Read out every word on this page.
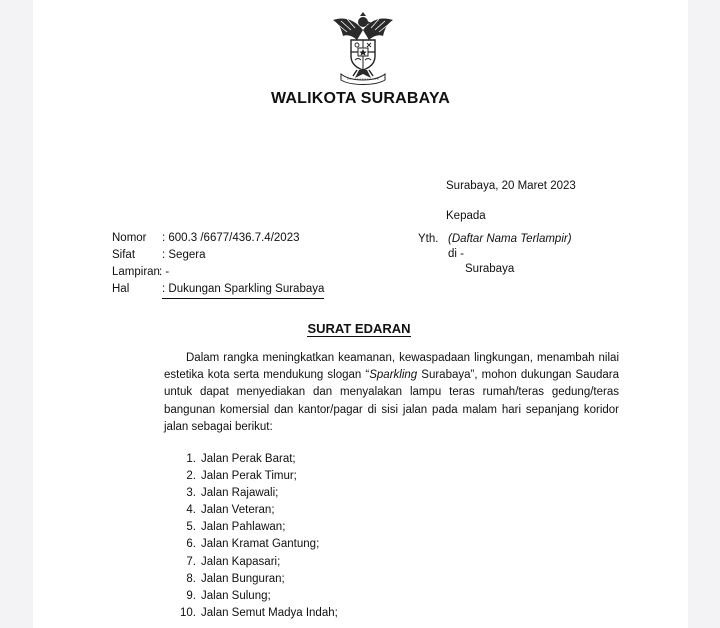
WALIKOTA SURABAYA
Surabaya, 20 Maret 2023
Kepada
Yth. (Daftar Nama Terlampir)
di -
Surabaya
Nomor : 600.3 /6677/436.7.4/2023
Sifat : Segera
Lampiran : -
Hal	: Dukungan Sparkling Surabaya
SURAT EDARAN
Dalam rangka meningkatkan keamanan, kewaspadaan lingkungan, menambah nilai estetika kota serta mendukung slogan “Sparkling Surabaya”, mohon dukungan Saudara untuk dapat menyediakan dan menyalakan lampu teras rumah/teras gedung/teras bangunan komersial dan kantor/pagar di sisi jalan pada malam hari sepanjang koridor jalan sebagai berikut:
1. Jalan Perak Barat;
2. Jalan Perak Timur;
3. Jalan Rajawali;
4. Jalan Veteran;
5. Jalan Pahlawan;
6. Jalan Kramat Gantung;
7. Jalan Kapasari;
8. Jalan Bunguran;
9. Jalan Sulung;
10. Jalan Semut Madya Indah;
